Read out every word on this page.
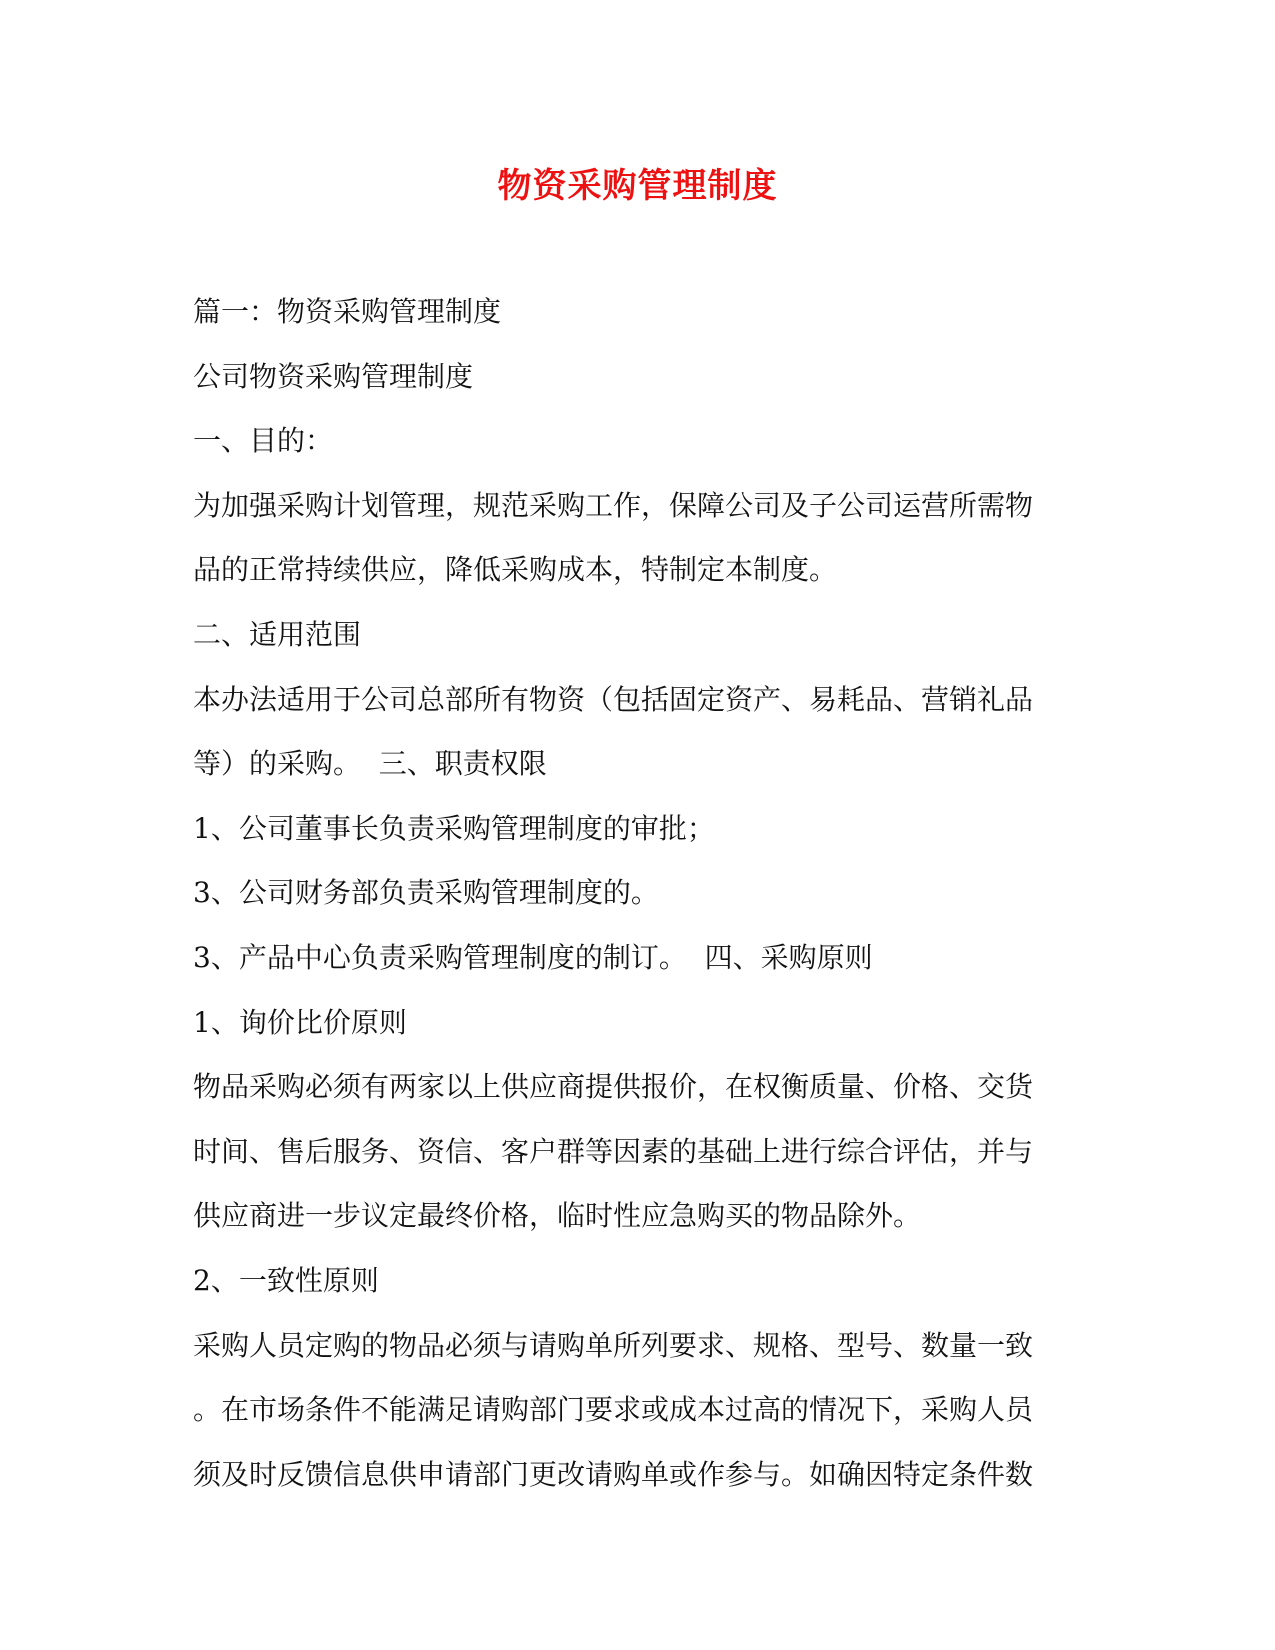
物资采购管理制度
篇一：物资采购管理制度
公司物资采购管理制度
一、目的：
为加强采购计划管理，规范采购工作，保障公司及子公司运营所需物
品的正常持续供应，降低采购成本，特制定本制度。
二、适用范围
本办法适用于公司总部所有物资（包括固定资产、易耗品、营销礼品
等）的采购。  三、职责权限
1、公司董事长负责采购管理制度的审批；
3、公司财务部负责采购管理制度的。
3、产品中心负责采购管理制度的制订。  四、采购原则
1、询价比价原则
物品采购必须有两家以上供应商提供报价，在权衡质量、价格、交货
时间、售后服务、资信、客户群等因素的基础上进行综合评估，并与
供应商进一步议定最终价格，临时性应急购买的物品除外。
2、一致性原则
采购人员定购的物品必须与请购单所列要求、规格、型号、数量一致
。在市场条件不能满足请购部门要求或成本过高的情况下，采购人员
须及时反馈信息供申请部门更改请购单或作参与。如确因特定条件数
